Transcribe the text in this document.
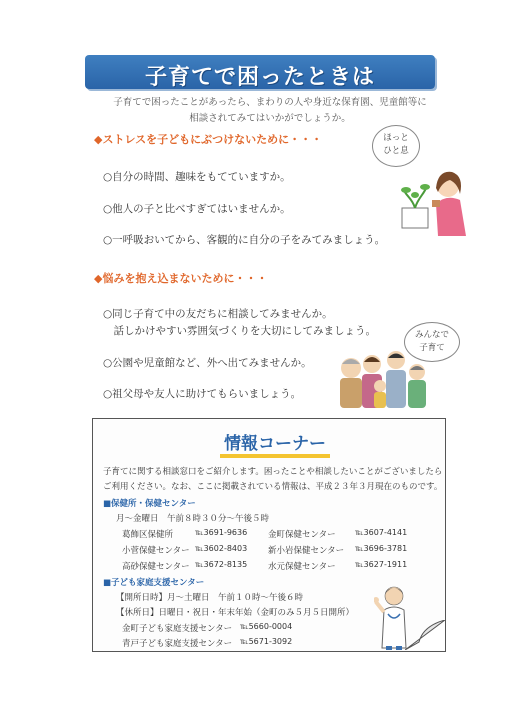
子育てで困ったときは
子育てで困ったことがあったら、まわりの人や身近な保育園、児童館等に
相談されてみてはいかがでしょうか。
◆ストレスを子どもにぶつけないために・・・	ほっと
ひと息
○自分の時間、趣味をもてていますか。
○他人の子と比べすぎてはいませんか。
○一呼吸おいてから、客観的に自分の子をみてみましょう。
◆悩みを抱え込まないために・・・
○同じ子育て中の友だちに相談してみませんか。
　話しかけやすい雰囲気づくりを大切にしてみましょう。
○公園や児童館など、外へ出てみませんか。
○祖父母や友人に助けてもらいましょう。
みんなで
子育て
情報コーナー
子育てに関する相談窓口をご紹介します。困ったことや相談したいことがございましたら
ご利用ください。なお、ここに掲載されている情報は、平成２３年３月現在のものです。
■保健所・保健センター
月～金曜日　午前８時３０分～午後５時
葛飾区保健所	℡3691-9636 金町保健センター ℡3607-4141
小菅保健センター ℡3602-8403 新小岩保健センター ℡3696-3781
高砂保健センター ℡3672-8135 水元保健センター ℡3627-1911
■子ども家庭支援センター
【開所日時】月～土曜日　午前１０時～午後６時
【休所日】日曜日・祝日・年末年始（金町のみ５月５日開所）
金町子ども家庭支援センター ℡5660-0004
青戸子ども家庭支援センター ℡5671-3092
